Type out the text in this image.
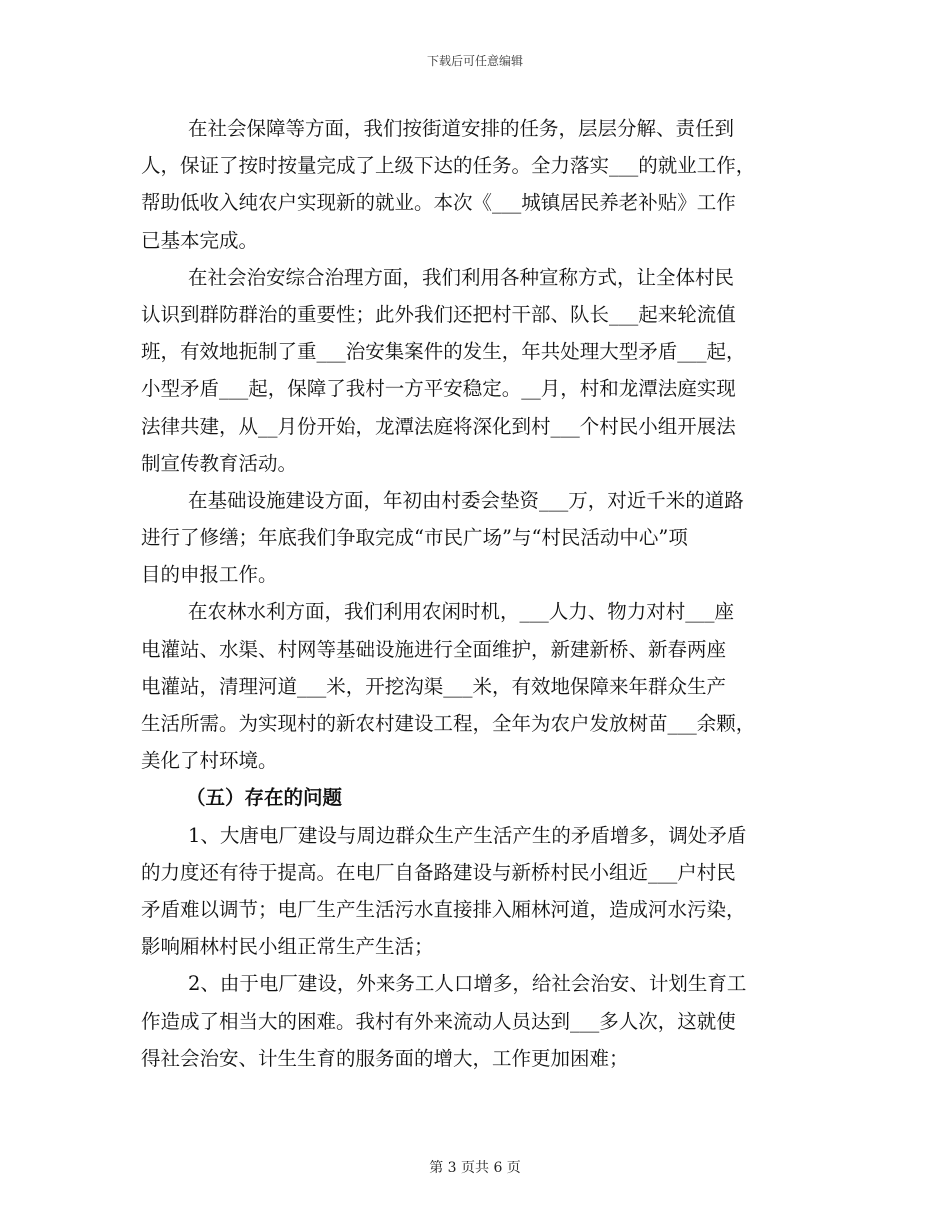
下载后可任意编辑
在社会保障等方面，我们按街道安排的任务，层层分解、责任到
人，保证了按时按量完成了上级下达的任务。全力落实___的就业工作，
帮助低收入纯农户实现新的就业。本次《___城镇居民养老补贴》工作
已基本完成。
在社会治安综合治理方面，我们利用各种宣称方式，让全体村民
认识到群防群治的重要性；此外我们还把村干部、队长___起来轮流值
班，有效地扼制了重___治安集案件的发生，年共处理大型矛盾___起，
小型矛盾___起，保障了我村一方平安稳定。__月，村和龙潭法庭实现
法律共建，从__月份开始，龙潭法庭将深化到村___个村民小组开展法
制宣传教育活动。
在基础设施建设方面，年初由村委会垫资___万，对近千米的道路
进行了修缮；年底我们争取完成“市民广场”与“村民活动中心”项
目的申报工作。
在农林水利方面，我们利用农闲时机，___人力、物力对村___座
电灌站、水渠、村网等基础设施进行全面维护，新建新桥、新春两座
电灌站，清理河道___米，开挖沟渠___米，有效地保障来年群众生产
生活所需。为实现村的新农村建设工程，全年为农户发放树苗___余颗，
美化了村环境。
（五）存在的问题
1、大唐电厂建设与周边群众生产生活产生的矛盾增多，调处矛盾
的力度还有待于提高。在电厂自备路建设与新桥村民小组近___户村民
矛盾难以调节；电厂生产生活污水直接排入厢林河道，造成河水污染，
影响厢林村民小组正常生产生活；
2、由于电厂建设，外来务工人口增多，给社会治安、计划生育工
作造成了相当大的困难。我村有外来流动人员达到___多人次，这就使
得社会治安、计生生育的服务面的增大，工作更加困难；
第 3 页共 6 页
